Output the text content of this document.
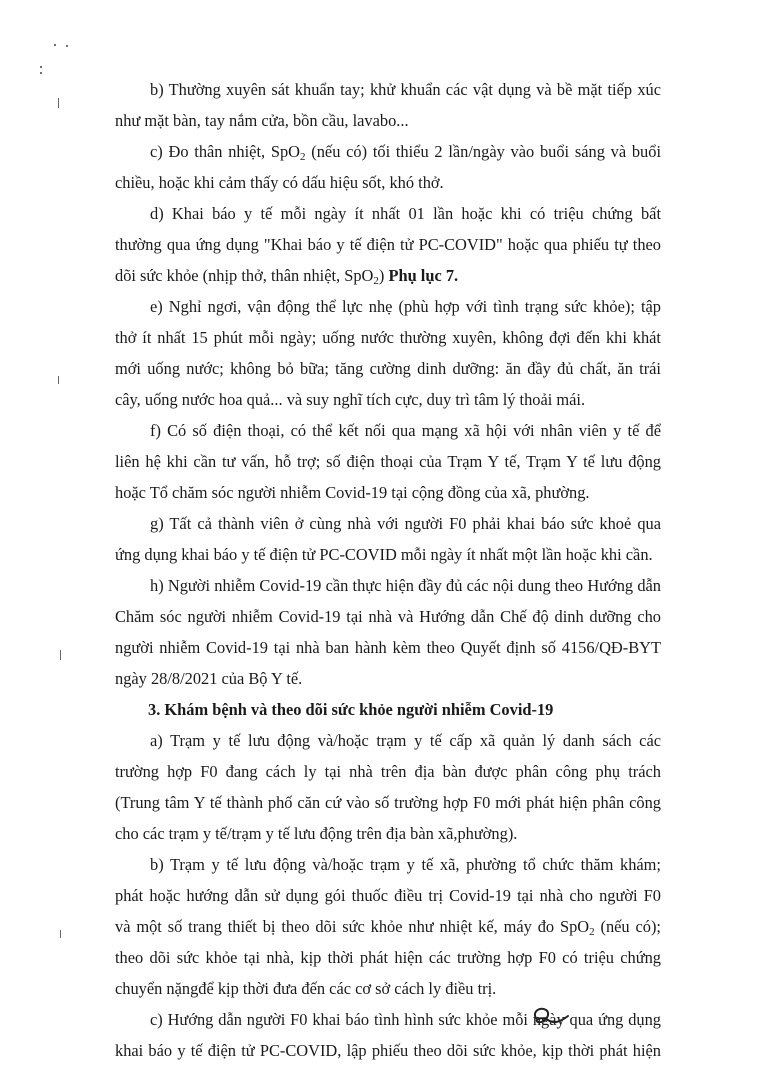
b) Thường xuyên sát khuẩn tay; khử khuẩn các vật dụng và bề mặt tiếp xúc
như mặt bàn, tay nắm cửa, bồn cầu, lavabo...
c) Đo thân nhiệt, SpO$_2$ (nếu có) tối thiểu 2 lần/ngày vào buổi sáng và buổi
chiều, hoặc khi cảm thấy có dấu hiệu sốt, khó thở.
d) Khai báo y tế mỗi ngày ít nhất 01 lần hoặc khi có triệu chứng bất
thường qua ứng dụng "Khai báo y tế điện tử PC-COVID" hoặc qua phiếu tự theo
dõi sức khỏe (nhịp thở, thân nhiệt, SpO$_2$) Phụ lục 7.
e) Nghỉ ngơi, vận động thể lực nhẹ (phù hợp với tình trạng sức khỏe); tập
thở ít nhất 15 phút mỗi ngày; uống nước thường xuyên, không đợi đến khi khát
mới uống nước; không bỏ bữa; tăng cường dinh dưỡng: ăn đầy đủ chất, ăn trái
cây, uống nước hoa quả... và suy nghĩ tích cực, duy trì tâm lý thoải mái.
f) Có số điện thoại, có thể kết nối qua mạng xã hội với nhân viên y tế để
liên hệ khi cần tư vấn, hỗ trợ; số điện thoại của Trạm Y tế, Trạm Y tế lưu động
hoặc Tổ chăm sóc người nhiễm Covid-19 tại cộng đồng của xã, phường.
g) Tất cả thành viên ở cùng nhà với người F0 phải khai báo sức khoẻ qua
ứng dụng khai báo y tế điện tử PC-COVID mỗi ngày ít nhất một lần hoặc khi cần.
h) Người nhiễm Covid-19 cần thực hiện đầy đủ các nội dung theo Hướng dẫn
Chăm sóc người nhiễm Covid-19 tại nhà và Hướng dẫn Chế độ dinh dưỡng cho
người nhiễm Covid-19 tại nhà ban hành kèm theo Quyết định số 4156/QĐ-BYT
ngày 28/8/2021 của Bộ Y tế.
3. Khám bệnh và theo dõi sức khỏe người nhiễm Covid-19
a) Trạm y tế lưu động và/hoặc trạm y tế cấp xã quản lý danh sách các
trường hợp F0 đang cách ly tại nhà trên địa bàn được phân công phụ trách
(Trung tâm Y tế thành phố căn cứ vào số trường hợp F0 mới phát hiện phân công
cho các trạm y tế/trạm y tế lưu động trên địa bàn xã,phường).
b) Trạm y tế lưu động và/hoặc trạm y tế xã, phường tổ chức thăm khám;
phát hoặc hướng dẫn sử dụng gói thuốc điều trị Covid-19 tại nhà cho người F0
và một số trang thiết bị theo dõi sức khỏe như nhiệt kế, máy đo SpO$_2$ (nếu có);
theo dõi sức khỏe tại nhà, kịp thời phát hiện các trường hợp F0 có triệu chứng
chuyển nặngđể kịp thời đưa đến các cơ sở cách ly điều trị.
c) Hướng dẫn người F0 khai báo tình hình sức khỏe mỗi ngày qua ứng dụng
khai báo y tế điện tử PC-COVID, lập phiếu theo dõi sức khỏe, kịp thời phát hiện
